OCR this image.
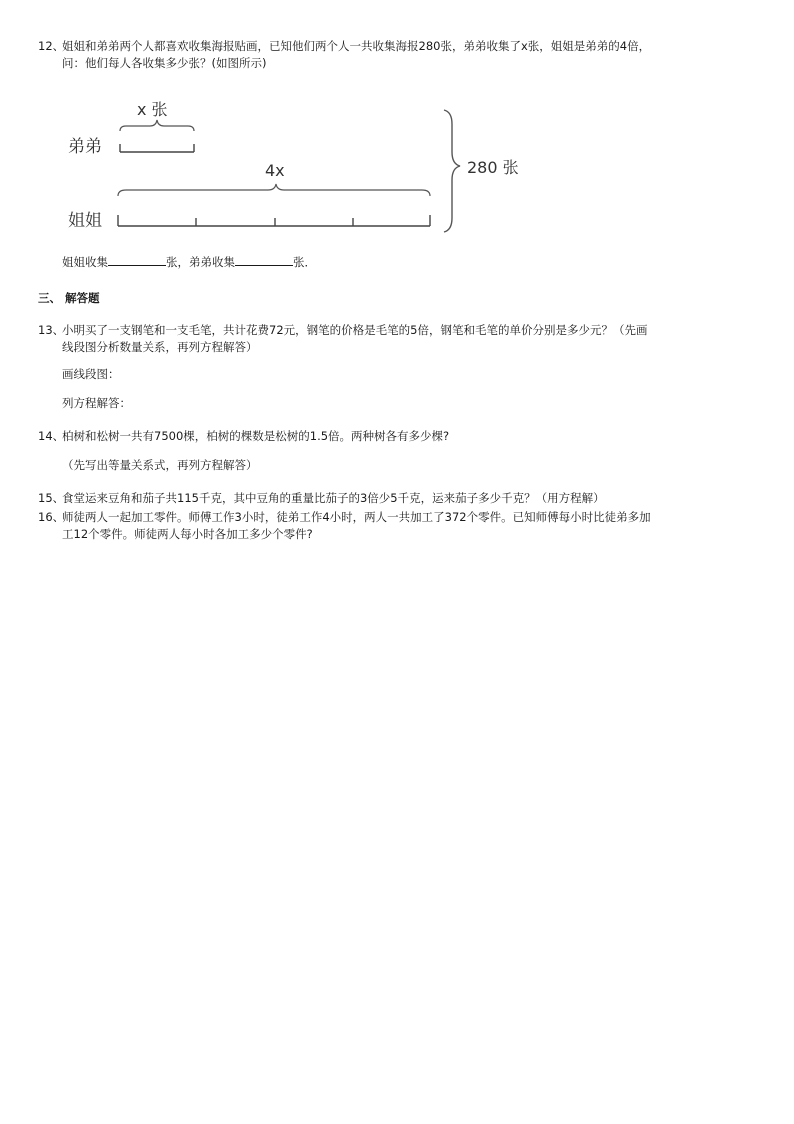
12、
姐姐和弟弟两个人都喜欢收集海报贴画，已知他们两个人一共收集海报280张，弟弟收集了x张，姐姐是弟弟的4倍，
问：他们每人各收集多少张？(如图所示)
弟弟
x 张
4x
姐姐
280 张
姐姐收集	张，弟弟收集	张．
三、 解答题
13、
小明买了一支钢笔和一支毛笔，共计花费72元，钢笔的价格是毛笔的5倍，钢笔和毛笔的单价分别是多少元？（先画
线段图分析数量关系，再列方程解答）
画线段图：
列方程解答：
14、
柏树和松树一共有7500棵，柏树的棵数是松树的1.5倍。两种树各有多少棵?
（先写出等量关系式，再列方程解答）
15、
食堂运来豆角和茄子共115千克，其中豆角的重量比茄子的3倍少5千克，运来茄子多少千克？（用方程解）
16、
师徒两人一起加工零件。师傅工作3小时，徒弟工作4小时，两人一共加工了372个零件。已知师傅每小时比徒弟多加
工12个零件。师徒两人每小时各加工多少个零件?
